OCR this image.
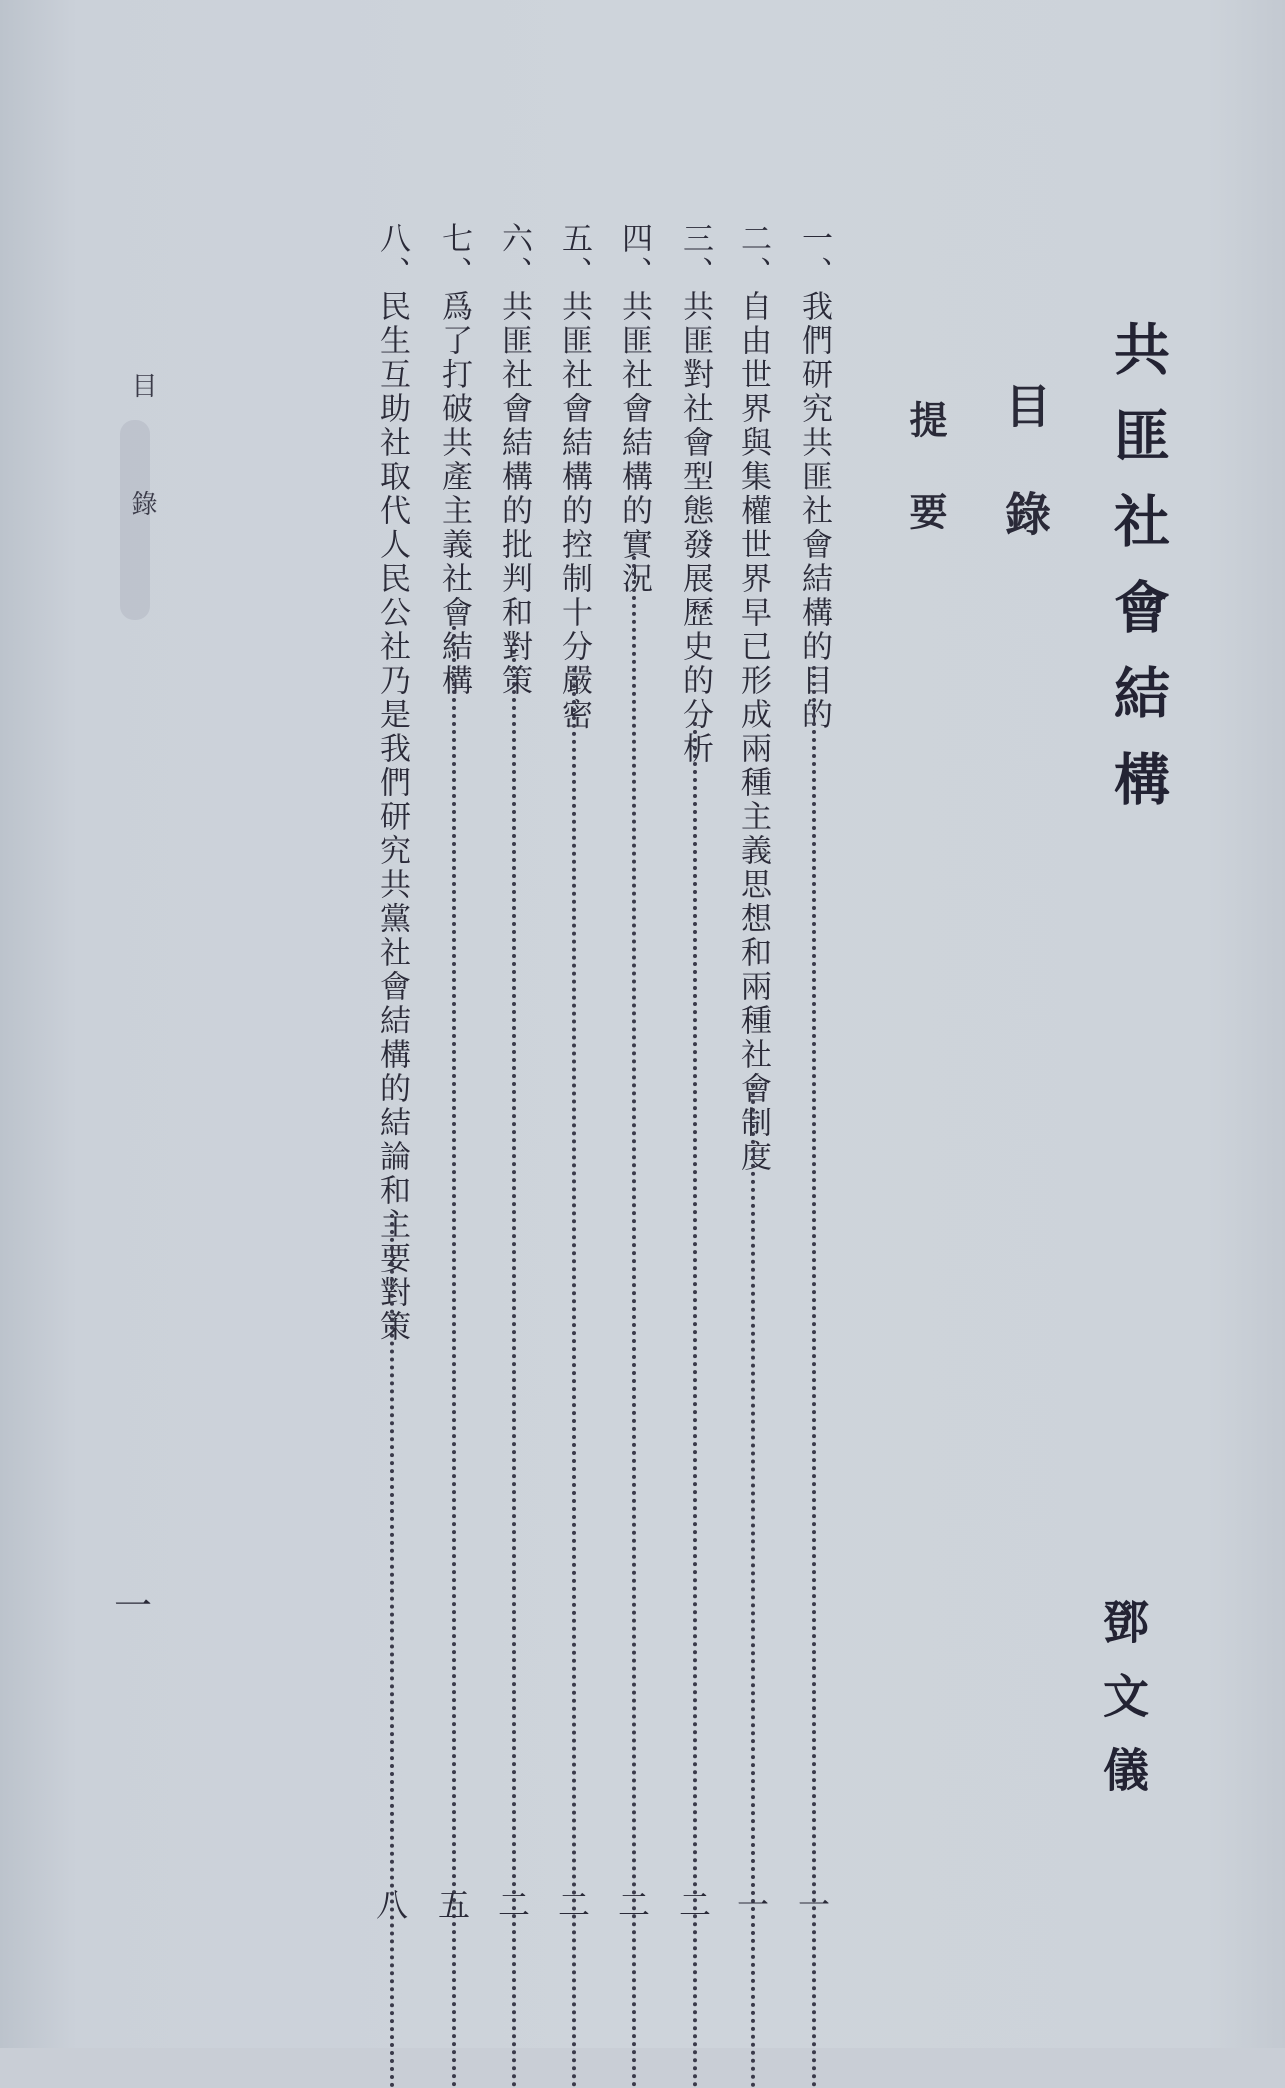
共匪社會結構
鄧文儀
目錄
提要
一、我們研究共匪社會結構的目的
一
二、自由世界與集權世界早已形成兩種主義思想和兩種社會制度
一
三、共匪對社會型態發展歷史的分析
二
四、共匪社會結構的實況
二
五、共匪社會結構的控制十分嚴密
二
六、共匪社會結構的批判和對策
二
七、爲了打破共產主義社會結構
五
八、民生互助社取代人民公社乃是我們研究共黨社會結構的結論和主要對策
八
目錄
一
